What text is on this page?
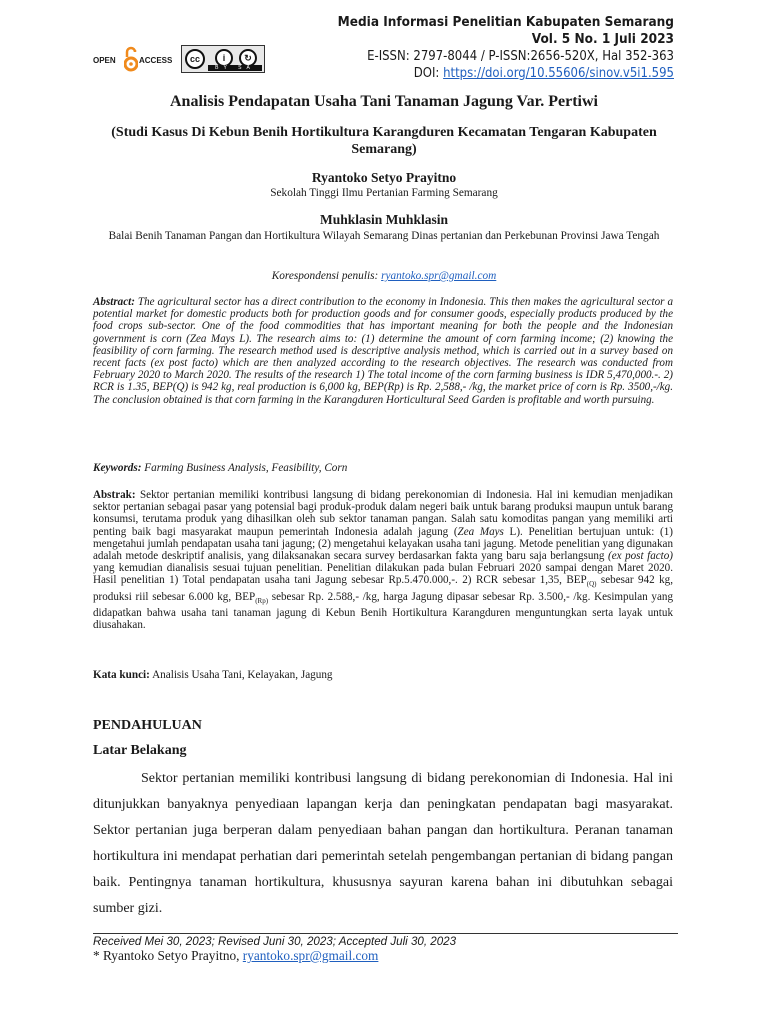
Media Informasi Penelitian Kabupaten Semarang
Vol. 5 No. 1 Juli 2023
E-ISSN: 2797-8044 / P-ISSN:2656-520X, Hal 352-363
DOI: https://doi.org/10.55606/sinov.v5i1.595
OPEN	ACCESS	cc	i	↻
BY SA
Analisis Pendapatan Usaha Tani Tanaman Jagung Var. Pertiwi
(Studi Kasus Di Kebun Benih Hortikultura Karangduren Kecamatan Tengaran Kabupaten Semarang)
Ryantoko Setyo Prayitno
Sekolah Tinggi Ilmu Pertanian Farming Semarang
Muhklasin Muhklasin
Balai Benih Tanaman Pangan dan Hortikultura Wilayah Semarang Dinas pertanian dan Perkebunan Provinsi Jawa Tengah
Korespondensi penulis: ryantoko.spr@gmail.com
Abstract: The agricultural sector has a direct contribution to the economy in Indonesia. This then makes the agricultural sector a potential market for domestic products both for production goods and for consumer goods, especially products produced by the food crops sub-sector. One of the food commodities that has important meaning for both the people and the Indonesian government is corn (Zea Mays L). The research aims to: (1) determine the amount of corn farming income; (2) knowing the feasibility of corn farming. The research method used is descriptive analysis method, which is carried out in a survey based on recent facts (ex post facto) which are then analyzed according to the research objectives. The research was conducted from February 2020 to March 2020. The results of the research 1) The total income of the corn farming business is IDR 5,470,000.-. 2) RCR is 1.35, BEP(Q) is 942 kg, real production is 6,000 kg, BEP(Rp) is Rp. 2,588,- /kg, the market price of corn is Rp. 3500,-/kg. The conclusion obtained is that corn farming in the Karangduren Horticultural Seed Garden is profitable and worth pursuing.
Keywords: Farming Business Analysis, Feasibility, Corn
Abstrak: Sektor pertanian memiliki kontribusi langsung di bidang perekonomian di Indonesia. Hal ini kemudian menjadikan sektor pertanian sebagai pasar yang potensial bagi produk-produk dalam negeri baik untuk barang produksi maupun untuk barang konsumsi, terutama produk yang dihasilkan oleh sub sektor tanaman pangan. Salah satu komoditas pangan yang memiliki arti penting baik bagi masyarakat maupun pemerintah Indonesia adalah jagung (Zea Mays L). Penelitian bertujuan untuk: (1) mengetahui jumlah pendapatan usaha tani jagung; (2) mengetahui kelayakan usaha tani jagung. Metode penelitian yang digunakan adalah metode deskriptif analisis, yang dilaksanakan secara survey berdasarkan fakta yang baru saja berlangsung (ex post facto) yang kemudian dianalisis sesuai tujuan penelitian. Penelitian dilakukan pada bulan Februari 2020 sampai dengan Maret 2020. Hasil penelitian 1) Total pendapatan usaha tani Jagung sebesar Rp.5.470.000,-. 2) RCR sebesar 1,35, $BEP_{(Q)}$ sebesar 942 kg, produksi riil sebesar 6.000 kg, $BEP_{(Rp)}$ sebesar Rp. 2.588,- /kg, harga Jagung dipasar sebesar Rp. 3.500,- /kg. Kesimpulan yang didapatkan bahwa usaha tani tanaman jagung di Kebun Benih Hortikultura Karangduren menguntungkan serta layak untuk diusahakan.
Kata kunci: Analisis Usaha Tani, Kelayakan, Jagung
PENDAHULUAN
Latar Belakang

Sektor pertanian memiliki kontribusi langsung di bidang perekonomian di Indonesia. Hal ini ditunjukkan banyaknya penyediaan lapangan kerja dan peningkatan pendapatan bagi masyarakat. Sektor pertanian juga berperan dalam penyediaan bahan pangan dan hortikultura. Peranan tanaman hortikultura ini mendapat perhatian dari pemerintah setelah pengembangan pertanian di bidang pangan baik. Pentingnya tanaman hortikultura, khususnya sayuran karena bahan ini dibutuhkan sebagai sumber gizi.

Received Mei 30, 2023; Revised Juni 30, 2023; Accepted Juli 30, 2023
* Ryantoko Setyo Prayitno, ryantoko.spr@gmail.com
